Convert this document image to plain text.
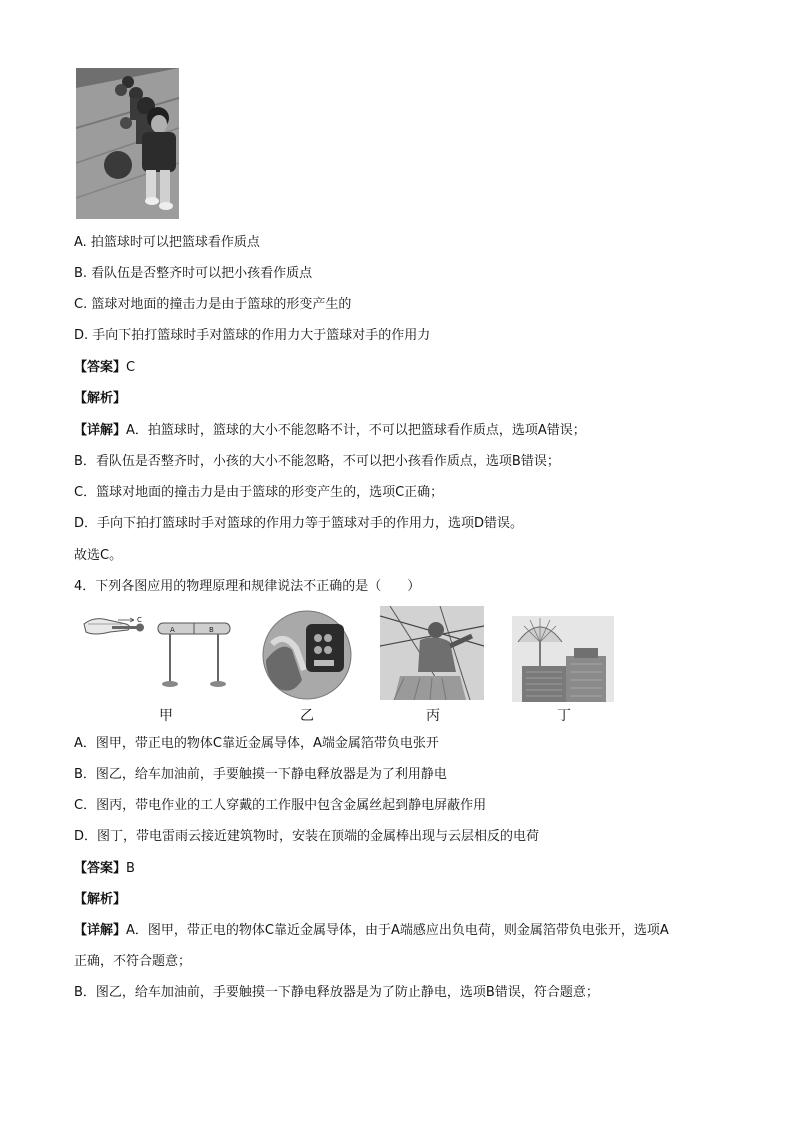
A. 拍篮球时可以把篮球看作质点
B. 看队伍是否整齐时可以把小孩看作质点
C. 篮球对地面的撞击力是由于篮球的形变产生的
D. 手向下拍打篮球时手对篮球的作用力大于篮球对手的作用力
【答案】C
【解析】
【详解】A．拍篮球时，篮球的大小不能忽略不计，不可以把篮球看作质点，选项A错误；
B．看队伍是否整齐时，小孩的大小不能忽略，不可以把小孩看作质点，选项B错误；
C．篮球对地面的撞击力是由于篮球的形变产生的，选项C正确；
D．手向下拍打篮球时手对篮球的作用力等于篮球对手的作用力，选项D错误。
故选C。
4．下列各图应用的物理原理和规律说法不正确的是（　　）
C
A	B
甲	乙	丙	丁
A．图甲，带正电的物体C靠近金属导体，A端金属箔带负电张开
B．图乙，给车加油前，手要触摸一下静电释放器是为了利用静电
C．图丙，带电作业的工人穿戴的工作服中包含金属丝起到静电屏蔽作用
D．图丁，带电雷雨云接近建筑物时，安装在顶端的金属棒出现与云层相反的电荷
【答案】B
【解析】
【详解】A．图甲，带正电的物体C靠近金属导体，由于A端感应出负电荷，则金属箔带负电张开，选项A
正确，不符合题意；
B．图乙，给车加油前，手要触摸一下静电释放器是为了防止静电，选项B错误，符合题意；
